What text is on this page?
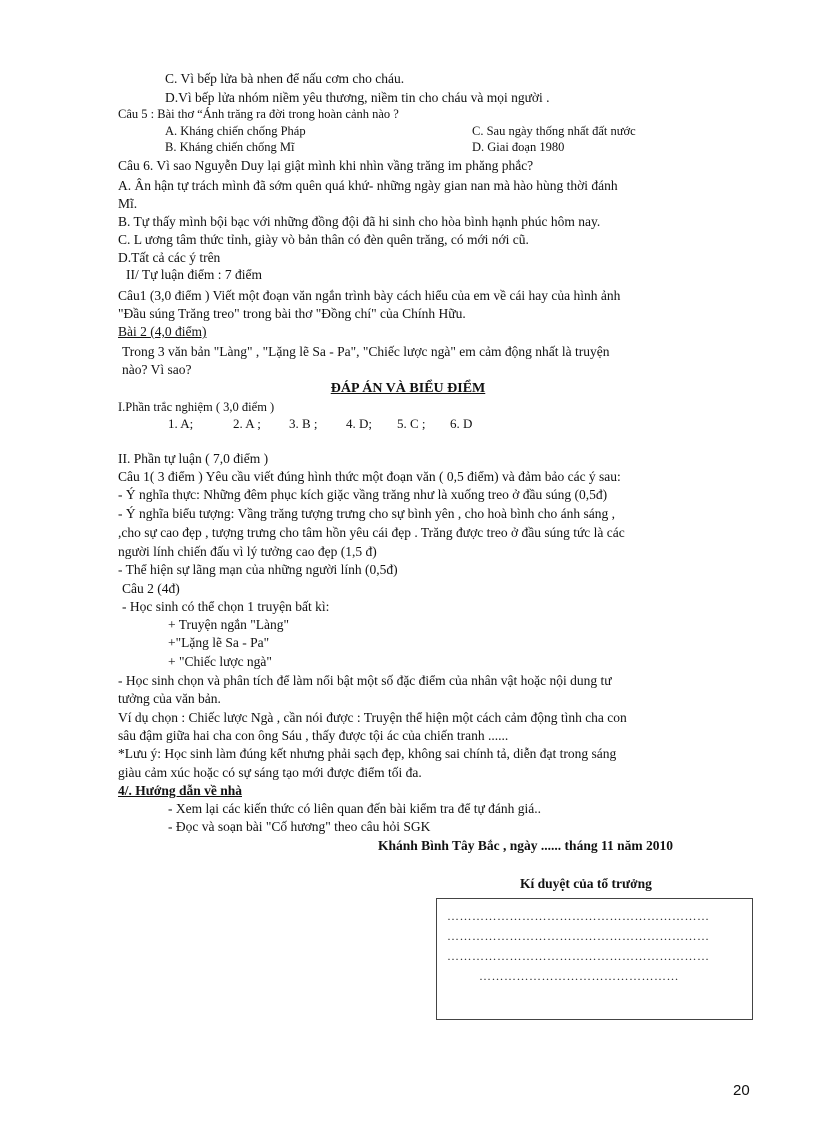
C. Vì bếp lửa bà nhen để nấu cơm cho cháu.
D.Vì bếp lửa nhóm niềm yêu thương, niềm tin cho cháu và mọi người .
Câu 5 : Bài thơ “Ánh trăng ra đời trong hoàn cảnh nào ?
A. Kháng chiến chống Pháp	C. Sau ngày thống nhất đất nước
B. Kháng chiến chống Mĩ	D. Giai đoạn 1980
Câu 6. Vì sao Nguyễn Duy lại giật mình khi nhìn vầng trăng im phăng phắc?
A. Ân hận tự trách mình đã sớm quên quá khứ- những ngày gian nan mà hào hùng thời đánh
Mĩ.
B. Tự thấy mình bội bạc với những đồng đội đã hi sinh cho hòa bình hạnh phúc hôm nay.
C. L ương tâm thức tỉnh, giày vò bản thân có đèn quên trăng, có mới nới cũ.
D.Tất cả các ý trên
II/ Tự luận điểm : 7 điểm
Câu1 (3,0 điểm ) Viết một đoạn văn ngắn trình bày cách hiểu của em về cái hay của hình ảnh
"Đầu súng Trăng treo" trong bài thơ "Đồng chí" của Chính Hữu.
Bài 2 (4,0 điểm)
Trong 3 văn bản "Làng" , "Lặng lẽ Sa - Pa", "Chiếc lược ngà" em cảm động nhất là truyện
nào? Vì sao?
ĐÁP ÁN VÀ BIỂU ĐIỂM
I.Phần trắc nghiệm ( 3,0 điểm )
1. A;	2. A ; 3. B ; 4. D; 5. C ; 6. D
II. Phần tự luận ( 7,0 điểm )
Câu 1( 3 điểm ) Yêu cầu viết đúng hình thức một đoạn văn ( 0,5 điểm) và đảm bảo các ý sau:
- Ý nghĩa thực: Những đêm phục kích giặc vầng trăng như là xuống treo ở đầu súng (0,5đ)
- Ý nghĩa biểu tượng: Vầng trăng tượng trưng cho sự bình yên , cho hoà bình cho ánh sáng ,
,cho sự cao đẹp , tượng trưng cho tâm hồn yêu cái đẹp . Trăng được treo ở đầu súng tức là các
người lính chiến đấu vì lý tưởng cao đẹp (1,5 đ)
- Thể hiện sự lãng mạn của những người lính (0,5đ)
Câu 2 (4đ)
- Học sinh có thể chọn 1 truyện bất kì:
+ Truyện ngắn "Làng"
+"Lặng lẽ Sa - Pa"
+ "Chiếc lược ngà"
- Học sinh chọn và phân tích để làm nổi bật một số đặc điểm của nhân vật hoặc nội dung tư
tưởng của văn bản.
Ví dụ chọn : Chiếc lược Ngà , cần nói được : Truyện thể hiện một cách cảm động tình cha con
sâu đậm giữa hai cha con ông Sáu , thấy được tội ác của chiến tranh ......
*Lưu ý: Học sinh làm đúng kết nhưng phải sạch đẹp, không sai chính tả, diễn đạt trong sáng
giàu cảm xúc hoặc có sự sáng tạo mới được điểm tối đa.
4/. Hướng dẫn về nhà
- Xem lại các kiến thức có liên quan đến bài kiểm tra để tự đánh giá..
- Đọc và soạn bài "Cố hương" theo câu hỏi SGK
Khánh Bình Tây Bắc , ngày ...... tháng 11 năm 2010
Kí duyệt của tổ trưởng
………………………………………………………
………………………………………………………
………………………………………………………
…………………………………………
20
